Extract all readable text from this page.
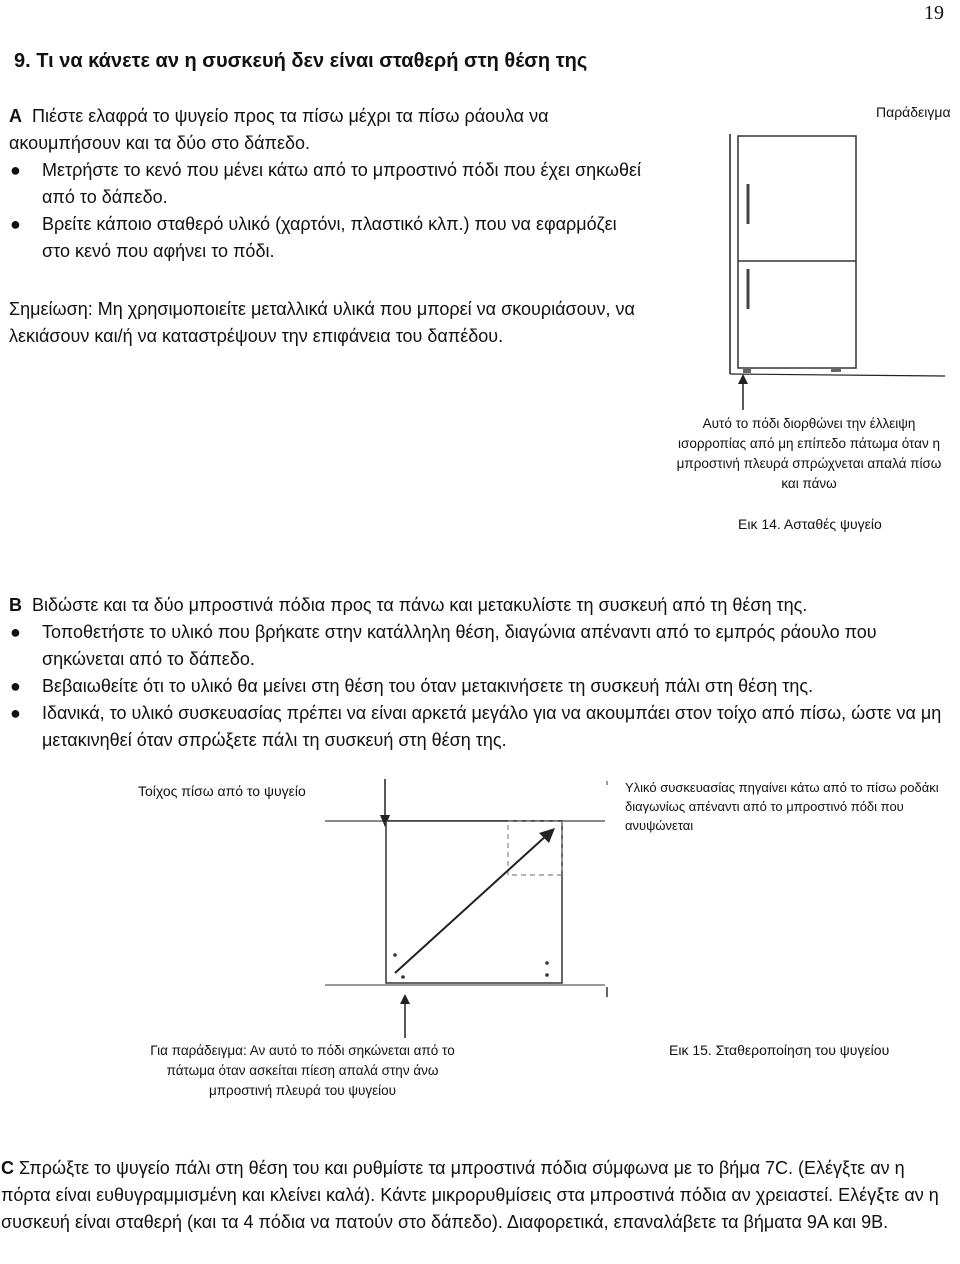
19
9. Τι να κάνετε αν η συσκευή δεν είναι σταθερή στη θέση της
A Πιέστε ελαφρά το ψυγείο προς τα πίσω μέχρι τα πίσω ράουλα να ακουμπήσουν και τα δύο στο δάπεδο.
● Μετρήστε το κενό που μένει κάτω από το μπροστινό πόδι που έχει σηκωθεί από το δάπεδο.
● Βρείτε κάποιο σταθερό υλικό (χαρτόνι, πλαστικό κλπ.) που να εφαρμόζει στο κενό που αφήνει το πόδι.
Σημείωση: Μη χρησιμοποιείτε μεταλλικά υλικά που μπορεί να σκουριάσουν, να λεκιάσουν και/ή να καταστρέψουν την επιφάνεια του δαπέδου.
Παράδειγμα
Αυτό το πόδι διορθώνει την έλλειψη ισορροπίας από μη επίπεδο πάτωμα όταν η μπροστινή πλευρά σπρώχνεται απαλά πίσω και πάνω
Εικ 14. Ασταθές ψυγείο
B Βιδώστε και τα δύο μπροστινά πόδια προς τα πάνω και μετακυλίστε τη συσκευή από τη θέση της.
● Τοποθετήστε το υλικό που βρήκατε στην κατάλληλη θέση, διαγώνια απέναντι από το εμπρός ράουλο που σηκώνεται από το δάπεδο.
● Βεβαιωθείτε ότι το υλικό θα μείνει στη θέση του όταν μετακινήσετε τη συσκευή πάλι στη θέση της.
● Ιδανικά, το υλικό συσκευασίας πρέπει να είναι αρκετά μεγάλο για να ακουμπάει στον τοίχο από πίσω, ώστε να μη μετακινηθεί όταν σπρώξετε πάλι τη συσκευή στη θέση της.
Τοίχος πίσω από το ψυγείο	Υλικό συσκευασίας πηγαίνει κάτω από το πίσω ροδάκι διαγωνίως απέναντι από το μπροστινό πόδι που ανυψώνεται
Για παράδειγμα: Αν αυτό το πόδι σηκώνεται από το πάτωμα όταν ασκείται πίεση απαλά στην άνω μπροστινή πλευρά του ψυγείου
Εικ 15. Σταθεροποίηση του ψυγείου
C Σπρώξτε το ψυγείο πάλι στη θέση του και ρυθμίστε τα μπροστινά πόδια σύμφωνα με το βήμα 7C. (Ελέγξτε αν η πόρτα είναι ευθυγραμμισμένη και κλείνει καλά). Κάντε μικρορυθμίσεις στα μπροστινά πόδια αν χρειαστεί. Ελέγξτε αν η συσκευή είναι σταθερή (και τα 4 πόδια να πατούν στο δάπεδο). Διαφορετικά, επαναλάβετε τα βήματα 9A και 9B.
